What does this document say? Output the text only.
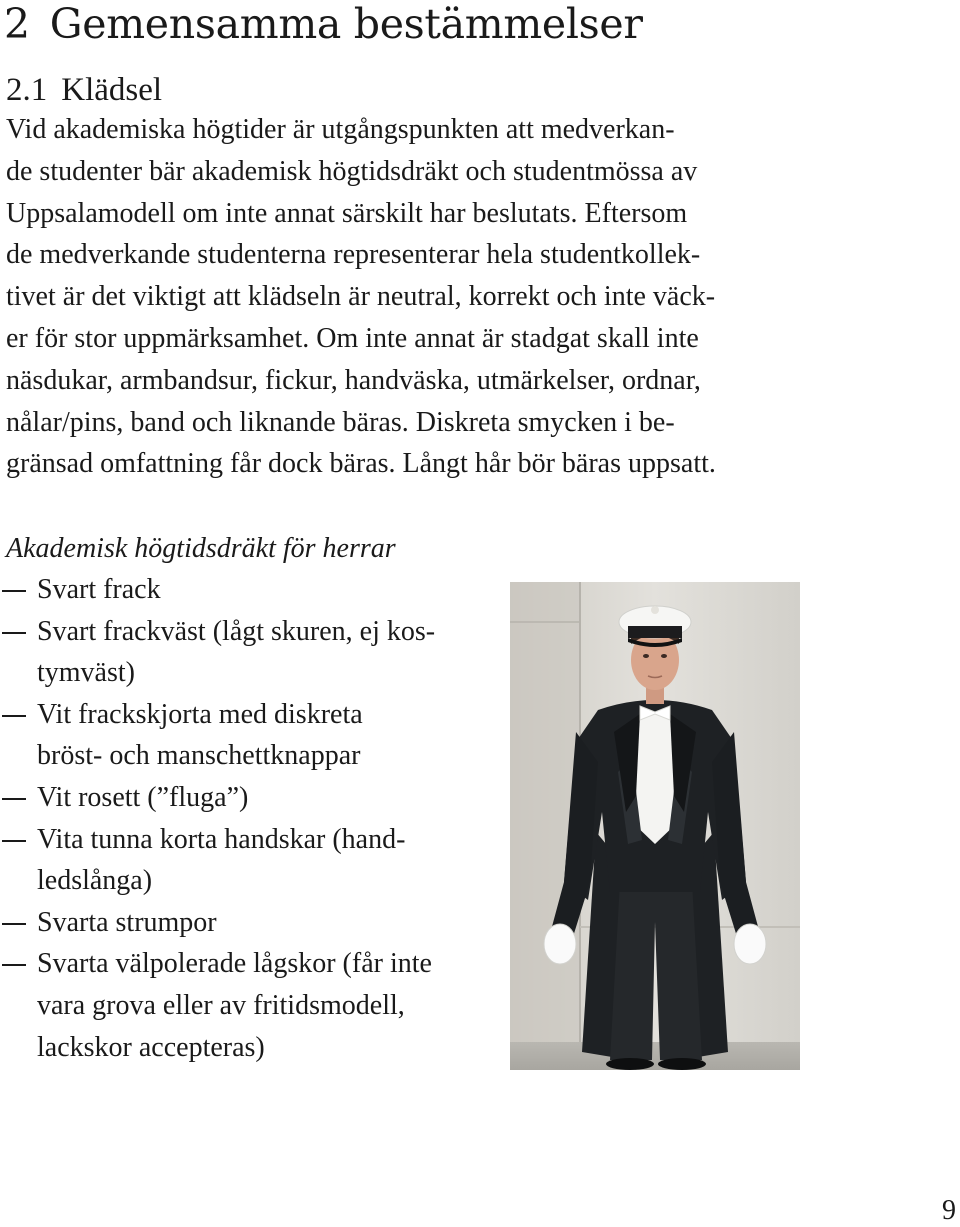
2 Gemensamma bestämmelser
2.1 Klädsel
Vid akademiska högtider är utgångspunkten att medverkan-
de studenter bär akademisk högtidsdräkt och studentmössa av
Uppsalamodell om inte annat särskilt har beslutats. Eftersom
de medverkande studenterna representerar hela studentkollek-
tivet är det viktigt att klädseln är neutral, korrekt och inte väck-
er för stor uppmärksamhet. Om inte annat är stadgat skall inte
näsdukar, armbandsur, fickur, handväska, utmärkelser, ordnar,
nålar/pins, band och liknande bäras. Diskreta smycken i be-
gränsad omfattning får dock bäras. Långt hår bör bäras uppsatt.
Akademisk högtidsdräkt för herrar
Svart frack
Svart frackväst (lågt skuren, ej kos-
tymväst)
Vit frackskjorta med diskreta
bröst- och manschettknappar
Vit rosett (”fluga”)
Vita tunna korta handskar (hand-
ledslånga)
Svarta strumpor
Svarta välpolerade lågskor (får inte
vara grova eller av fritidsmodell,
lackskor accepteras)
9
